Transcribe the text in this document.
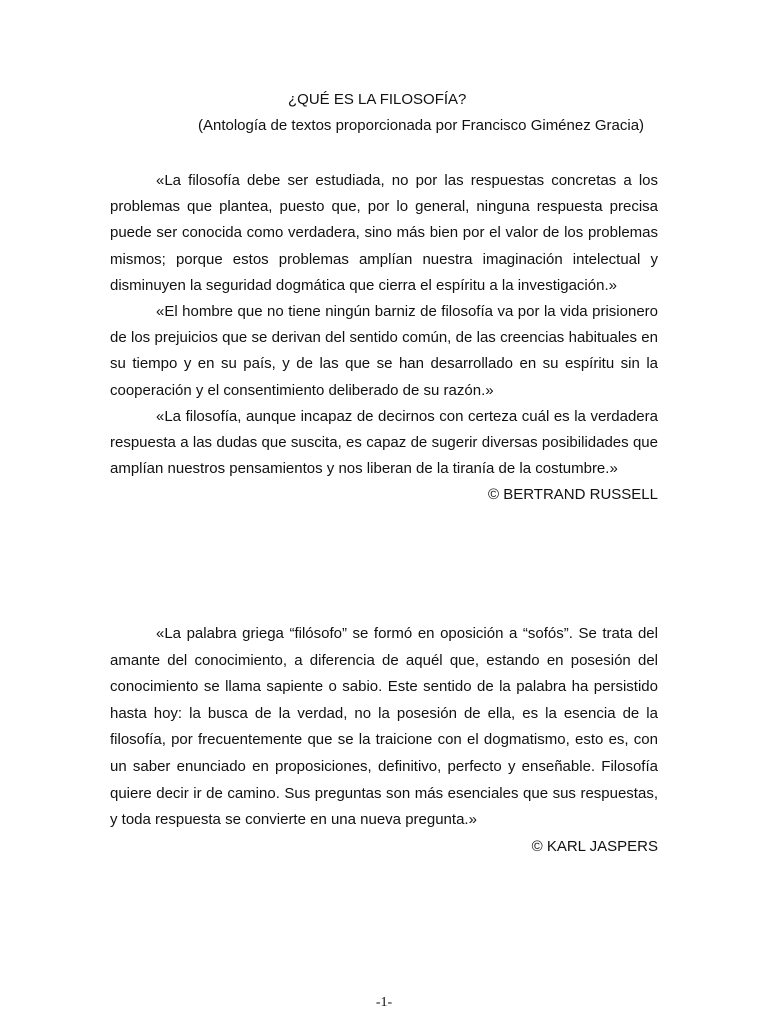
¿QUÉ ES LA FILOSOFÍA?
(Antología de textos proporcionada por Francisco Giménez Gracia)

«La filosofía debe ser estudiada, no por las respuestas concretas a los problemas que plantea, puesto que, por lo general, ninguna respuesta precisa puede ser conocida como verdadera, sino más bien por el valor de los problemas mismos; porque estos problemas amplían nuestra imaginación intelectual y disminuyen la seguridad dogmática que cierra el espíritu a la investigación.»

«El hombre que no tiene ningún barniz de filosofía va por la vida prisionero de los prejuicios que se derivan del sentido común, de las creencias habituales en su tiempo y en su país, y de las que se han desarrollado en su espíritu sin la cooperación y el consentimiento deliberado de su razón.»

«La filosofía, aunque incapaz de decirnos con certeza cuál es la verdadera respuesta a las dudas que suscita, es capaz de sugerir diversas posibilidades que amplían nuestros pensamientos y nos liberan de la tiranía de la costumbre.»

© BERTRAND RUSSELL

«La palabra griega “filósofo” se formó en oposición a “sofós”. Se trata del amante del conocimiento, a diferencia de aquél que, estando en posesión del conocimiento se llama sapiente o sabio. Este sentido de la palabra ha persistido hasta hoy: la busca de la verdad, no la posesión de ella, es la esencia de la filosofía, por frecuentemente que se la traicione con el dogmatismo, esto es, con un saber enunciado en proposiciones, definitivo, perfecto y enseñable. Filosofía quiere decir ir de camino. Sus preguntas son más esenciales que sus respuestas, y toda respuesta se convierte en una nueva pregunta.»

© KARL JASPERS

-1-
